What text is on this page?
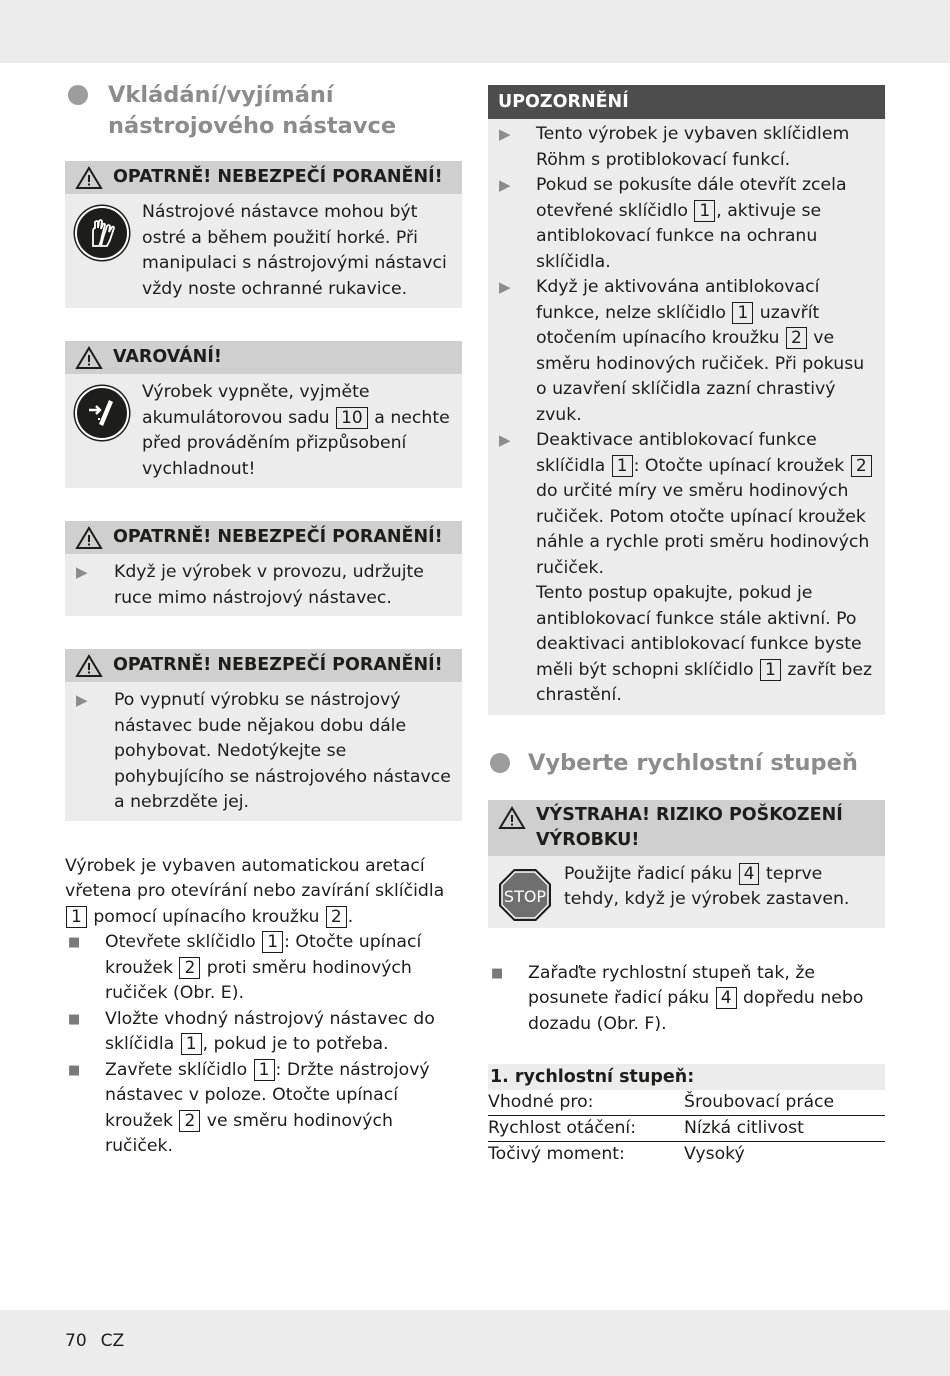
Vkládání/vyjímání nástrojového nástavce
OPATRNĚ! NEBEZPEČÍ PORANĚNÍ!

Nástrojové nástavce mohou být ostré a během použití horké. Při manipulaci s nástrojovými nástavci vždy noste ochranné rukavice.

VAROVÁNÍ!

Výrobek vypněte, vyjměte akumulátorovou sadu 10 a nechte před prováděním přizpůsobení vychladnout!

OPATRNĚ! NEBEZPEČÍ PORANĚNÍ!
▶	Když je výrobek v provozu, udržujte ruce mimo nástrojový nástavec.
OPATRNĚ! NEBEZPEČÍ PORANĚNÍ!
▶	Po vypnutí výrobku se nástrojový nástavec bude nějakou dobu dále pohybovat. Nedotýkejte se pohybujícího se nástrojového nástavce a nebrzděte jej.

Výrobek je vybaven automatickou aretací vřetena pro otevírání nebo zavírání sklíčidla 1 pomocí upínacího kroužku 2 .

■	Otevřete sklíčidlo 1 : Otočte upínací kroužek 2 proti směru hodinových ručiček (Obr. E).
■	Vložte vhodný nástrojový nástavec do sklíčidla 1 , pokud je to potřeba.
■	Zavřete sklíčidlo 1 : Držte nástrojový nástavec v poloze. Otočte upínací kroužek 2 ve směru hodinových ručiček.
UPOZORNĚNÍ
▶	Tento výrobek je vybaven sklíčidlem Röhm s protiblokovací funkcí.
▶	Pokud se pokusíte dále otevřít zcela otevřené sklíčidlo 1 , aktivuje se antiblokovací funkce na ochranu sklíčidla.
▶	Když je aktivována antiblokovací funkce, nelze sklíčidlo 1 uzavřít otočením upínacího kroužku 2 ve směru hodinových ručiček. Při pokusu o uzavření sklíčidla zazní chrastivý zvuk.
▶	Deaktivace antiblokovací funkce sklíčidla 1 : Otočte upínací kroužek 2 do určité míry ve směru hodinových ručiček. Potom otočte upínací kroužek náhle a rychle proti směru hodinových ručiček.
Tento postup opakujte, pokud je antiblokovací funkce stále aktivní. Po deaktivaci antiblokovací funkce byste měli být schopni sklíčidlo 1 zavřít bez chrastění.
Vyberte rychlostní stupeň
VÝSTRAHA! RIZIKO POŠKOZENÍ VÝROBKU!
STOP

Použijte řadicí páku 4 teprve tehdy, když je výrobek zastaven.

■	Zařaďte rychlostní stupeň tak, že posunete řadicí páku 4 dopředu nebo dozadu (Obr. F).
1. rychlostní stupeň:
Vhodné pro:	Šroubovací práce
Rychlost otáčení:	Nízká citlivost
Točivý moment:	Vysoký
70 CZ
